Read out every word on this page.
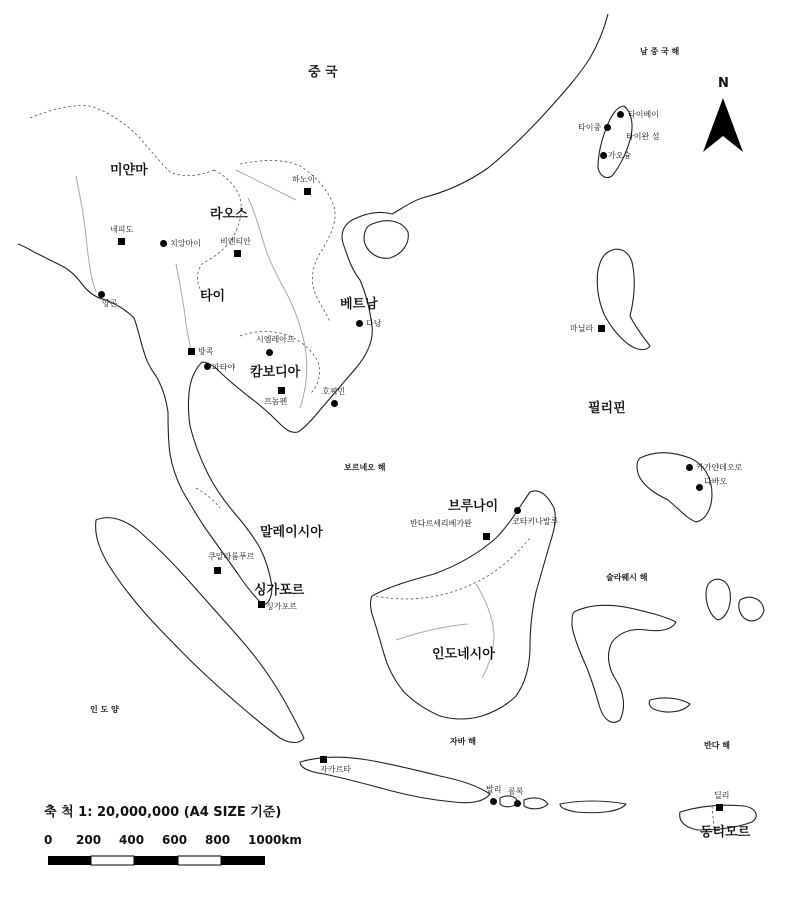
중 국
미얀마
라오스
타이
베트남
캄보디아
필리핀
브루나이
말레이시아
싱가포르
인도네시아
동티모르
남 중 국 해
보르네오 해
술라웨시 해
인 도 양
자바 해	반다 해
하노이
네피도
치앙마이 비엔티안
양곤
방콕
파타야
시엠레아프
프놈펜
호찌민
다낭
타이베이
타이중
타이완 섬
가오슝
마닐라
카가얀데오로
다바오
반다르세리베가완	코타키나발루
쿠알라룸푸르
싱가포르
자카르타
발리 롬복	딜리
N
축 척 1: 20,000,000 (A4 SIZE 기준)
0 200 400 600 800 1000km
